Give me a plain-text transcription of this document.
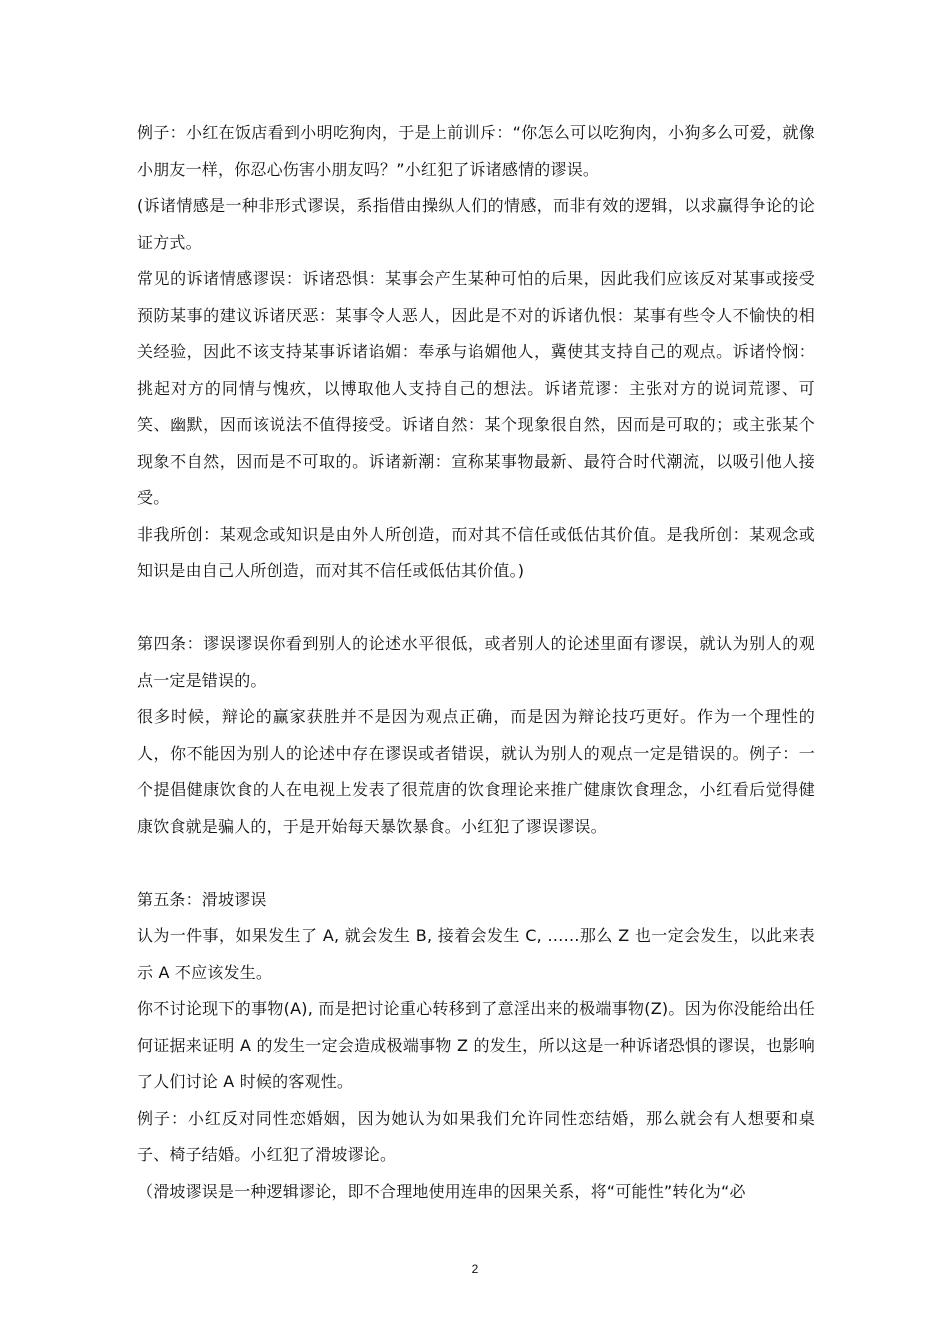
例子：小红在饭店看到小明吃狗肉，于是上前训斥：“你怎么可以吃狗肉，小狗多么可爱，就像小朋友一样，你忍心伤害小朋友吗？”小红犯了诉诸感情的谬误。

(诉诸情感是一种非形式谬误，系指借由操纵人们的情感，而非有效的逻辑，以求赢得争论的论证方式。

常见的诉诸情感谬误：诉诸恐惧：某事会产生某种可怕的后果，因此我们应该反对某事或接受预防某事的建议诉诸厌恶：某事令人恶人，因此是不对的诉诸仇恨：某事有些令人不愉快的相关经验，因此不该支持某事诉诸谄媚：奉承与谄媚他人，冀使其支持自己的观点。诉诸怜悯：挑起对方的同情与愧疚，以博取他人支持自己的想法。诉诸荒谬：主张对方的说词荒谬、可笑、幽默，因而该说法不值得接受。诉诸自然：某个现象很自然，因而是可取的；或主张某个现象不自然，因而是不可取的。诉诸新潮：宣称某事物最新、最符合时代潮流，以吸引他人接受。

非我所创：某观念或知识是由外人所创造，而对其不信任或低估其价值。是我所创：某观念或知识是由自己人所创造，而对其不信任或低估其价值。)

第四条：谬误谬误你看到别人的论述水平很低，或者别人的论述里面有谬误，就认为别人的观点一定是错误的。

很多时候，辩论的赢家获胜并不是因为观点正确，而是因为辩论技巧更好。作为一个理性的人，你不能因为别人的论述中存在谬误或者错误，就认为别人的观点一定是错误的。例子：一个提倡健康饮食的人在电视上发表了很荒唐的饮食理论来推广健康饮食理念，小红看后觉得健康饮食就是骗人的，于是开始每天暴饮暴食。小红犯了谬误谬误。

第五条：滑坡谬误

认为一件事，如果发生了 A, 就会发生 B, 接着会发生 C, ……那么 Z 也一定会发生，以此来表示 A 不应该发生。

你不讨论现下的事物(A), 而是把讨论重心转移到了意淫出来的极端事物(Z)。因为你没能给出任何证据来证明 A 的发生一定会造成极端事物 Z 的发生，所以这是一种诉诸恐惧的谬误，也影响了人们讨论 A 时候的客观性。

例子：小红反对同性恋婚姻，因为她认为如果我们允许同性恋结婚，那么就会有人想要和桌子、椅子结婚。小红犯了滑坡谬论。

（滑坡谬误是一种逻辑谬论，即不合理地使用连串的因果关系，将“可能性”转化为“必

2
